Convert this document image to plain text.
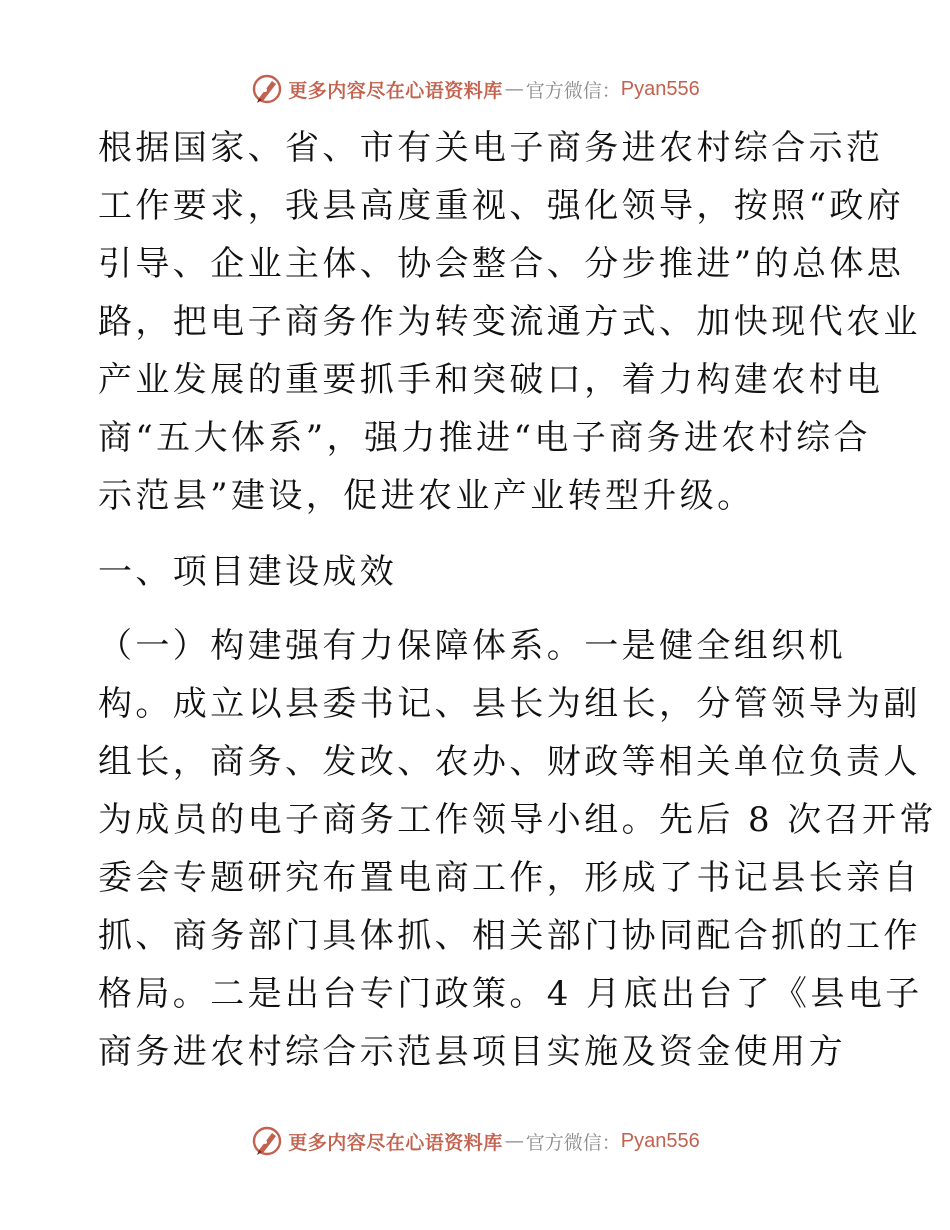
更多内容尽在心语资料库 — 官方微信： Pyan556
根据国家、省、市有关电子商务进农村综合示范
工作要求，我县高度重视、强化领导，按照“政府
引导、企业主体、协会整合、分步推进”的总体思
路，把电子商务作为转变流通方式、加快现代农业
产业发展的重要抓手和突破口，着力构建农村电
商“五大体系”，强力推进“电子商务进农村综合
示范县”建设，促进农业产业转型升级。
一、项目建设成效
（一）构建强有力保障体系。一是健全组织机
构。成立以县委书记、县长为组长，分管领导为副
组长，商务、发改、农办、财政等相关单位负责人
为成员的电子商务工作领导小组。先后 8 次召开常
委会专题研究布置电商工作，形成了书记县长亲自
抓、商务部门具体抓、相关部门协同配合抓的工作
格局。二是出台专门政策。4 月底出台了《县电子
商务进农村综合示范县项目实施及资金使用方
更多内容尽在心语资料库 — 官方微信： Pyan556
